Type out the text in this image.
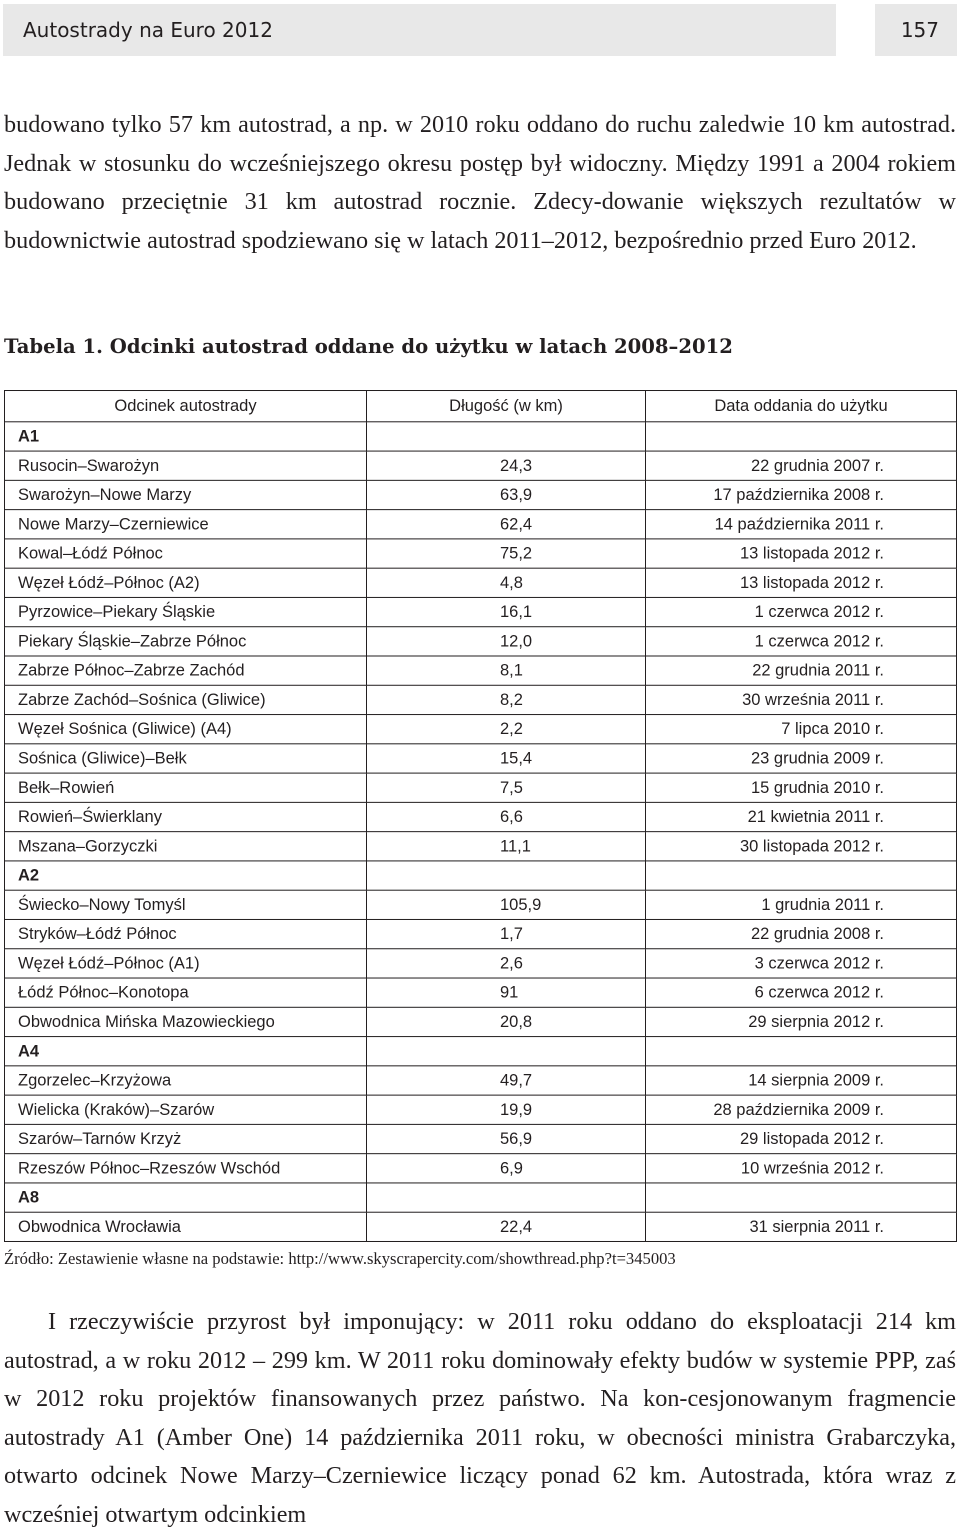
Autostrady na Euro 2012	157

budowano tylko 57 km autostrad, a np. w 2010 roku oddano do ruchu zaledwie 10 km autostrad. Jednak w stosunku do wcześniejszego okresu postęp był widoczny. Między 1991 a 2004 rokiem budowano przeciętnie 31 km autostrad rocznie. Zdecy-dowanie większych rezultatów w budownictwie autostrad spodziewano się w latach 2011–2012, bezpośrednio przed Euro 2012.

Tabela 1. Odcinki autostrad oddane do użytku w latach 2008–2012
Odcinek autostrady	Długość (w km)	Data oddania do użytku
A1		
Rusocin–Swarożyn	24,3	22 grudnia 2007 r.
Swarożyn–Nowe Marzy	63,9	17 października 2008 r.
Nowe Marzy–Czerniewice	62,4	14 października 2011 r.
Kowal–Łódź Północ	75,2	13 listopada 2012 r.
Węzeł Łódź–Północ (A2)	4,8	13 listopada 2012 r.
Pyrzowice–Piekary Śląskie	16,1	1 czerwca 2012 r.
Piekary Śląskie–Zabrze Północ	12,0	1 czerwca 2012 r.
Zabrze Północ–Zabrze Zachód	8,1	22 grudnia 2011 r.
Zabrze Zachód–Sośnica (Gliwice)	8,2	30 września 2011 r.
Węzeł Sośnica (Gliwice) (A4)	2,2	7 lipca 2010 r.
Sośnica (Gliwice)–Bełk	15,4	23 grudnia 2009 r.
Bełk–Rowień	7,5	15 grudnia 2010 r.
Rowień–Świerklany	6,6	21 kwietnia 2011 r.
Mszana–Gorzyczki	11,1	30 listopada 2012 r.
A2		
Świecko–Nowy Tomyśl	105,9	1 grudnia 2011 r.
Stryków–Łódź Północ	1,7	22 grudnia 2008 r.
Węzeł Łódź–Północ (A1)	2,6	3 czerwca 2012 r.
Łódź Północ–Konotopa	91	6 czerwca 2012 r.
Obwodnica Mińska Mazowieckiego	20,8	29 sierpnia 2012 r.
A4		
Zgorzelec–Krzyżowa	49,7	14 sierpnia 2009 r.
Wielicka (Kraków)–Szarów	19,9	28 października 2009 r.
Szarów–Tarnów Krzyż	56,9	29 listopada 2012 r.
Rzeszów Północ–Rzeszów Wschód	6,9	10 września 2012 r.
A8		
Obwodnica Wrocławia	22,4	31 sierpnia 2011 r.
Źródło: Zestawienie własne na podstawie: http://www.skyscrapercity.com/showthread.php?t=345003

I rzeczywiście przyrost był imponujący: w 2011 roku oddano do eksploatacji 214 km autostrad, a w roku 2012 – 299 km. W 2011 roku dominowały efekty budów w systemie PPP, zaś w 2012 roku projektów finansowanych przez państwo. Na kon-cesjonowanym fragmencie autostrady A1 (Amber One) 14 października 2011 roku, w obecności ministra Grabarczyka, otwarto odcinek Nowe Marzy–Czerniewice liczący ponad 62 km. Autostrada, która wraz z wcześniej otwartym odcinkiem
